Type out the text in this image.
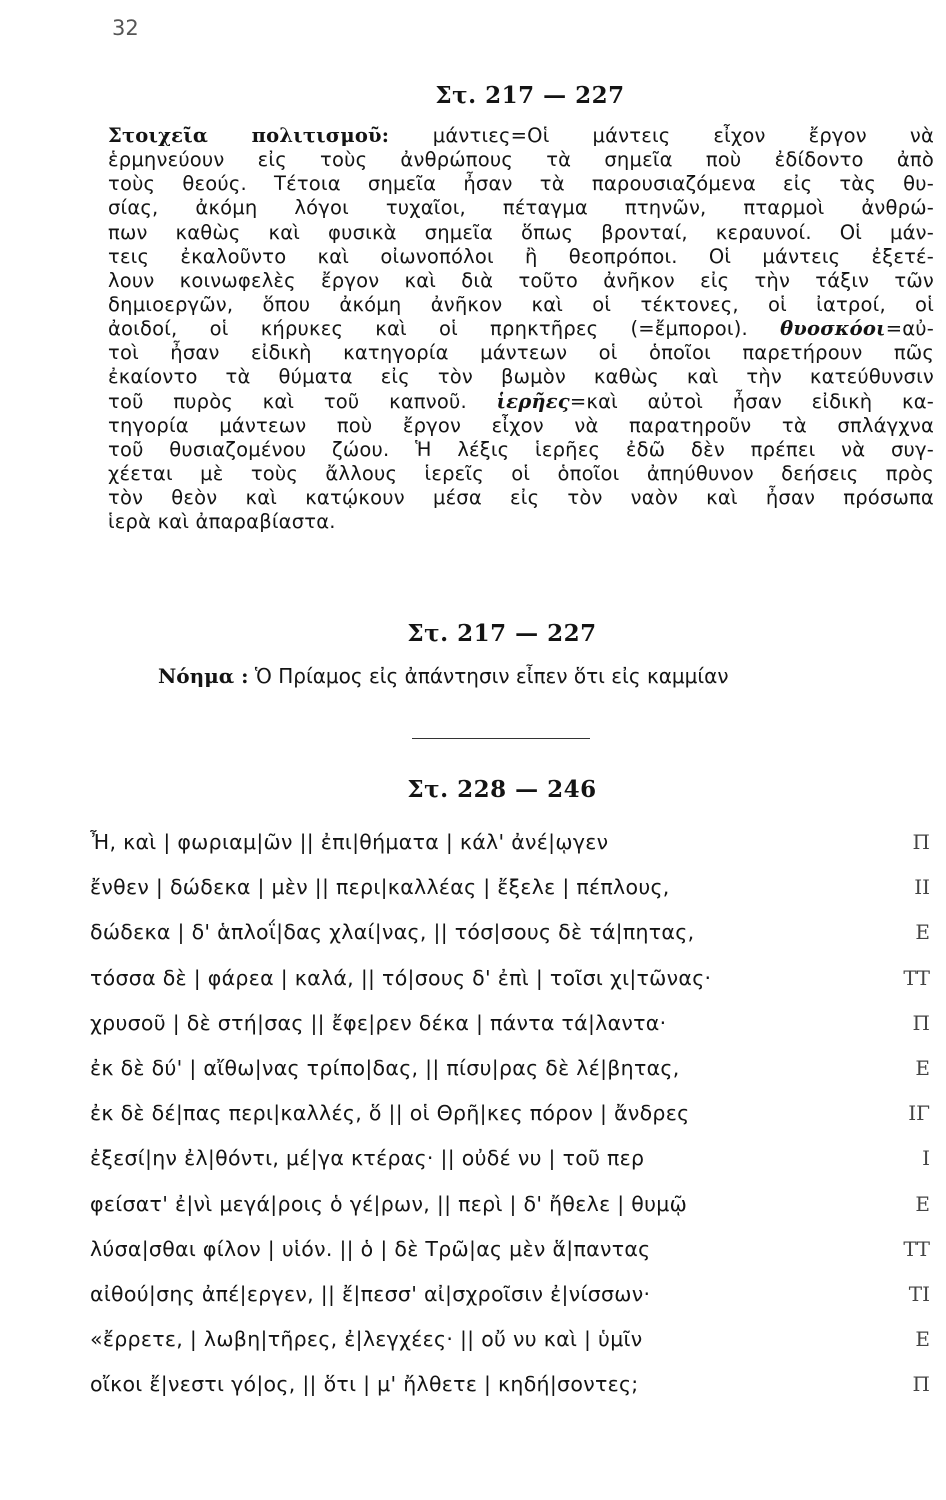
32
Στ. 217 — 227
Στοιχεῖα πολιτισμοῦ: μάντιες=Οἱ μάντεις εἶχον ἔργον νὰ
ἑρμηνεύουν εἰς τοὺς ἀνθρώπους τὰ σημεῖα ποὺ ἐδίδοντο ἀπὸ
τοὺς θεούς. Τέτοια σημεῖα ἦσαν τὰ παρουσιαζόμενα εἰς τὰς θυ-
σίας, ἀκόμη λόγοι τυχαῖοι, πέταγμα πτηνῶν, πταρμοὶ ἀνθρώ-
πων καθὼς καὶ φυσικὰ σημεῖα ὅπως βρονταί, κεραυνοί. Οἱ μάν-
τεις ἐκαλοῦντο καὶ οἰωνοπόλοι ἢ θεοπρόποι. Οἱ μάντεις ἐξετέ-
λουν κοινωφελὲς ἔργον καὶ διὰ τοῦτο ἀνῆκον εἰς τὴν τάξιν τῶν
δημιοεργῶν, ὅπου ἀκόμη ἀνῆκον καὶ οἱ τέκτονες, οἱ ἰατροί, οἱ
ἀοιδοί, οἱ κήρυκες καὶ οἱ πρηκτῆρες (=ἔμποροι). θυοσκόοι=αὐ-
τοὶ ἦσαν εἰδικὴ κατηγορία μάντεων οἱ ὁποῖοι παρετήρουν πῶς
ἐκαίοντο τὰ θύματα εἰς τὸν βωμὸν καθὼς καὶ τὴν κατεύθυνσιν
τοῦ πυρὸς καὶ τοῦ καπνοῦ. ἱερῆες=καὶ αὐτοὶ ἦσαν εἰδικὴ κα-
τηγορία μάντεων ποὺ ἔργον εἶχον νὰ παρατηροῦν τὰ σπλάγχνα
τοῦ θυσιαζομένου ζώου. Ἡ λέξις ἱερῆες ἐδῶ δὲν πρέπει νὰ συγ-
χέεται μὲ τοὺς ἄλλους ἱερεῖς οἱ ὁποῖοι ἀπηύθυνον δεήσεις πρὸς
τὸν θεὸν καὶ κατῴκουν μέσα εἰς τὸν ναὸν καὶ ἦσαν πρόσωπα
ἱερὰ καὶ ἀπαραβίαστα.
Στ. 217 — 227
Νόημα : Ὁ Πρίαμος εἰς ἀπάντησιν εἶπεν ὅτι εἰς καμμίαν
Στ. 228 — 246
Ἦ, καὶ | φωριαμ|ῶν || ἐπι|θήματα | κάλ' ἀνέ|ῳγεν	Π
ἔνθεν | δώδεκα | μὲν || περι|καλλέας | ἔξελε | πέπλους,	ΙΙ
δώδεκα | δ' ἁπλοΐ|δας χλαί|νας, || τόσ|σους δὲ τά|πητας,	Ε
τόσσα δὲ | φάρεα | καλά, || τό|σους δ' ἐπὶ | τοῖσι χι|τῶνας·	ΤΤ
χρυσοῦ | δὲ στή|σας || ἔφε|ρεν δέκα | πάντα τά|λαντα·	Π
ἐκ δὲ δύ' | αἴθω|νας τρίπο|δας, || πίσυ|ρας δὲ λέ|βητας,	Ε
ἐκ δὲ δέ|πας περι|καλλές, ὅ || οἱ Θρῆ|κες πόρον | ἄνδρες	ΙΓ
ἐξεσί|ην ἐλ|θόντι, μέ|γα κτέρας· || οὐδέ νυ | τοῦ περ	Ι
φείσατ' ἐ|νὶ μεγά|ροις ὁ γέ|ρων, || περὶ | δ' ἤθελε | θυμῷ	Ε
λύσα|σθαι φίλον | υἱόν. || ὁ | δὲ Τρῶ|ας μὲν ἅ|παντας	ΤΤ
αἰθού|σης ἀπέ|εργεν, || ἔ|πεσσ' αἰ|σχροῖσιν ἐ|νίσσων·	ΤΙ
«ἔρρετε, | λωβη|τῆρες, ἐ|λεγχέες· || οὔ νυ καὶ | ὑμῖν	Ε
οἴκοι ἔ|νεστι γό|ος, || ὅτι | μ' ἤλθετε | κηδή|σοντες;	Π
